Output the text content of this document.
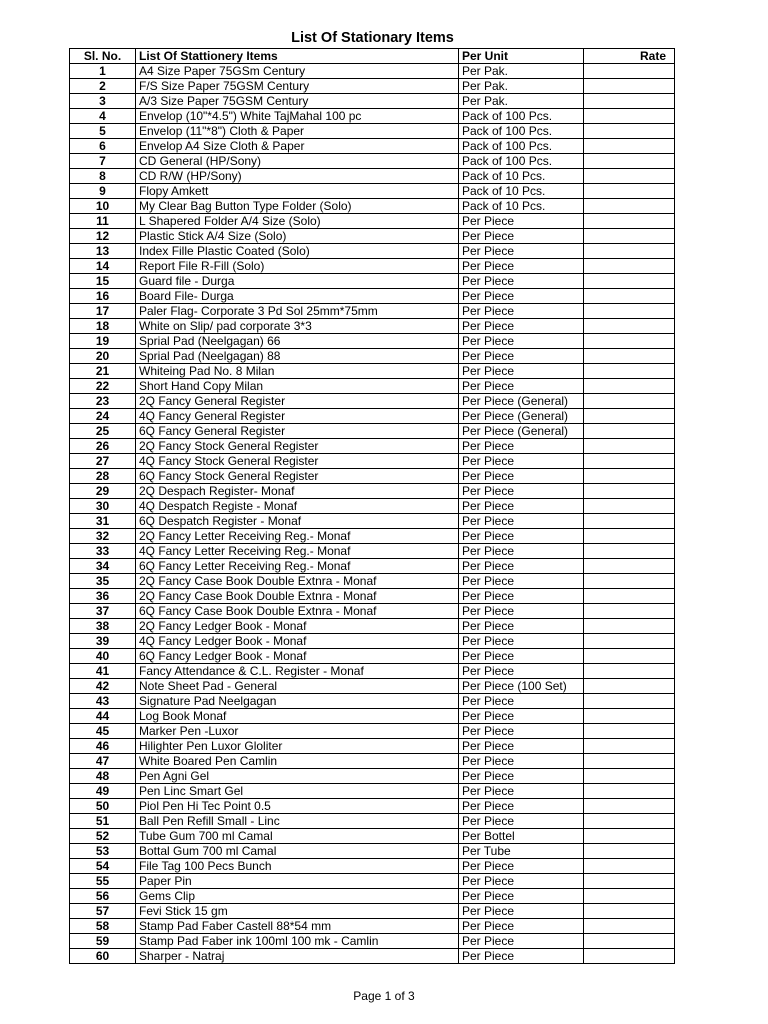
List Of Stationary Items
Sl. No.	List Of Stattionery Items	Per Unit	Rate
1	A4 Size Paper 75GSm Century	Per Pak.	
2	F/S Size Paper 75GSM Century	Per Pak.	
3	A/3 Size Paper 75GSM Century	Per Pak.	
4	Envelop (10"*4.5") White TajMahal 100 pc	Pack of 100 Pcs.	
5	Envelop (11"*8") Cloth & Paper	Pack of 100 Pcs.	
6	Envelop A4 Size Cloth & Paper	Pack of 100 Pcs.	
7	CD General (HP/Sony)	Pack of 100 Pcs.	
8	CD R/W (HP/Sony)	Pack of 10 Pcs.	
9	Flopy Amkett	Pack of 10 Pcs.	
10	My Clear Bag Button Type Folder (Solo)	Pack of 10 Pcs.	
11	L Shapered Folder A/4 Size (Solo)	Per Piece	
12	Plastic Stick A/4 Size (Solo)	Per Piece	
13	Index Fille Plastic Coated (Solo)	Per Piece	
14	Report File R-Fill (Solo)	Per Piece	
15	Guard file - Durga	Per Piece	
16	Board File- Durga	Per Piece	
17	Paler Flag- Corporate 3 Pd Sol 25mm*75mm	Per Piece	
18	White on Slip/ pad corporate 3*3	Per Piece	
19	Sprial Pad (Neelgagan) 66	Per Piece	
20	Sprial Pad (Neelgagan) 88	Per Piece	
21	Whiteing Pad No. 8 Milan	Per Piece	
22	Short Hand Copy Milan	Per Piece	
23	2Q Fancy General Register	Per Piece (General)	
24	4Q Fancy General Register	Per Piece (General)	
25	6Q Fancy General Register	Per Piece (General)	
26	2Q Fancy Stock General Register	Per Piece	
27	4Q Fancy Stock General Register	Per Piece	
28	6Q Fancy Stock General Register	Per Piece	
29	2Q Despach Register- Monaf	Per Piece	
30	4Q Despatch Registe - Monaf	Per Piece	
31	6Q Despatch Register - Monaf	Per Piece	
32	2Q Fancy Letter Receiving Reg.- Monaf	Per Piece	
33	4Q Fancy Letter Receiving Reg.- Monaf	Per Piece	
34	6Q Fancy Letter Receiving Reg.- Monaf	Per Piece	
35	2Q Fancy Case Book Double Extnra - Monaf	Per Piece	
36	2Q Fancy Case Book Double Extnra - Monaf	Per Piece	
37	6Q Fancy Case Book Double Extnra - Monaf	Per Piece	
38	2Q Fancy Ledger Book - Monaf	Per Piece	
39	4Q Fancy Ledger Book - Monaf	Per Piece	
40	6Q Fancy Ledger Book - Monaf	Per Piece	
41	Fancy Attendance & C.L. Register - Monaf	Per Piece	
42	Note Sheet Pad - General	Per Piece (100 Set)	
43	Signature Pad Neelgagan	Per Piece	
44	Log Book Monaf	Per Piece	
45	Marker Pen -Luxor	Per Piece	
46	Hilighter Pen Luxor Gloliter	Per Piece	
47	White Boared Pen Camlin	Per Piece	
48	Pen Agni Gel	Per Piece	
49	Pen Linc Smart Gel	Per Piece	
50	Piol Pen Hi Tec Point 0.5	Per Piece	
51	Ball Pen Refill Small - Linc	Per Piece	
52	Tube Gum 700 ml Camal	Per Bottel	
53	Bottal Gum 700 ml Camal	Per Tube	
54	File Tag 100 Pecs Bunch	Per Piece	
55	Paper Pin	Per Piece	
56	Gems Clip	Per Piece	
57	Fevi Stick 15 gm	Per Piece	
58	Stamp Pad Faber Castell 88*54 mm	Per Piece	
59	Stamp Pad Faber ink 100ml 100 mk - Camlin	Per Piece	
60	Sharper - Natraj	Per Piece	
Page 1 of 3
